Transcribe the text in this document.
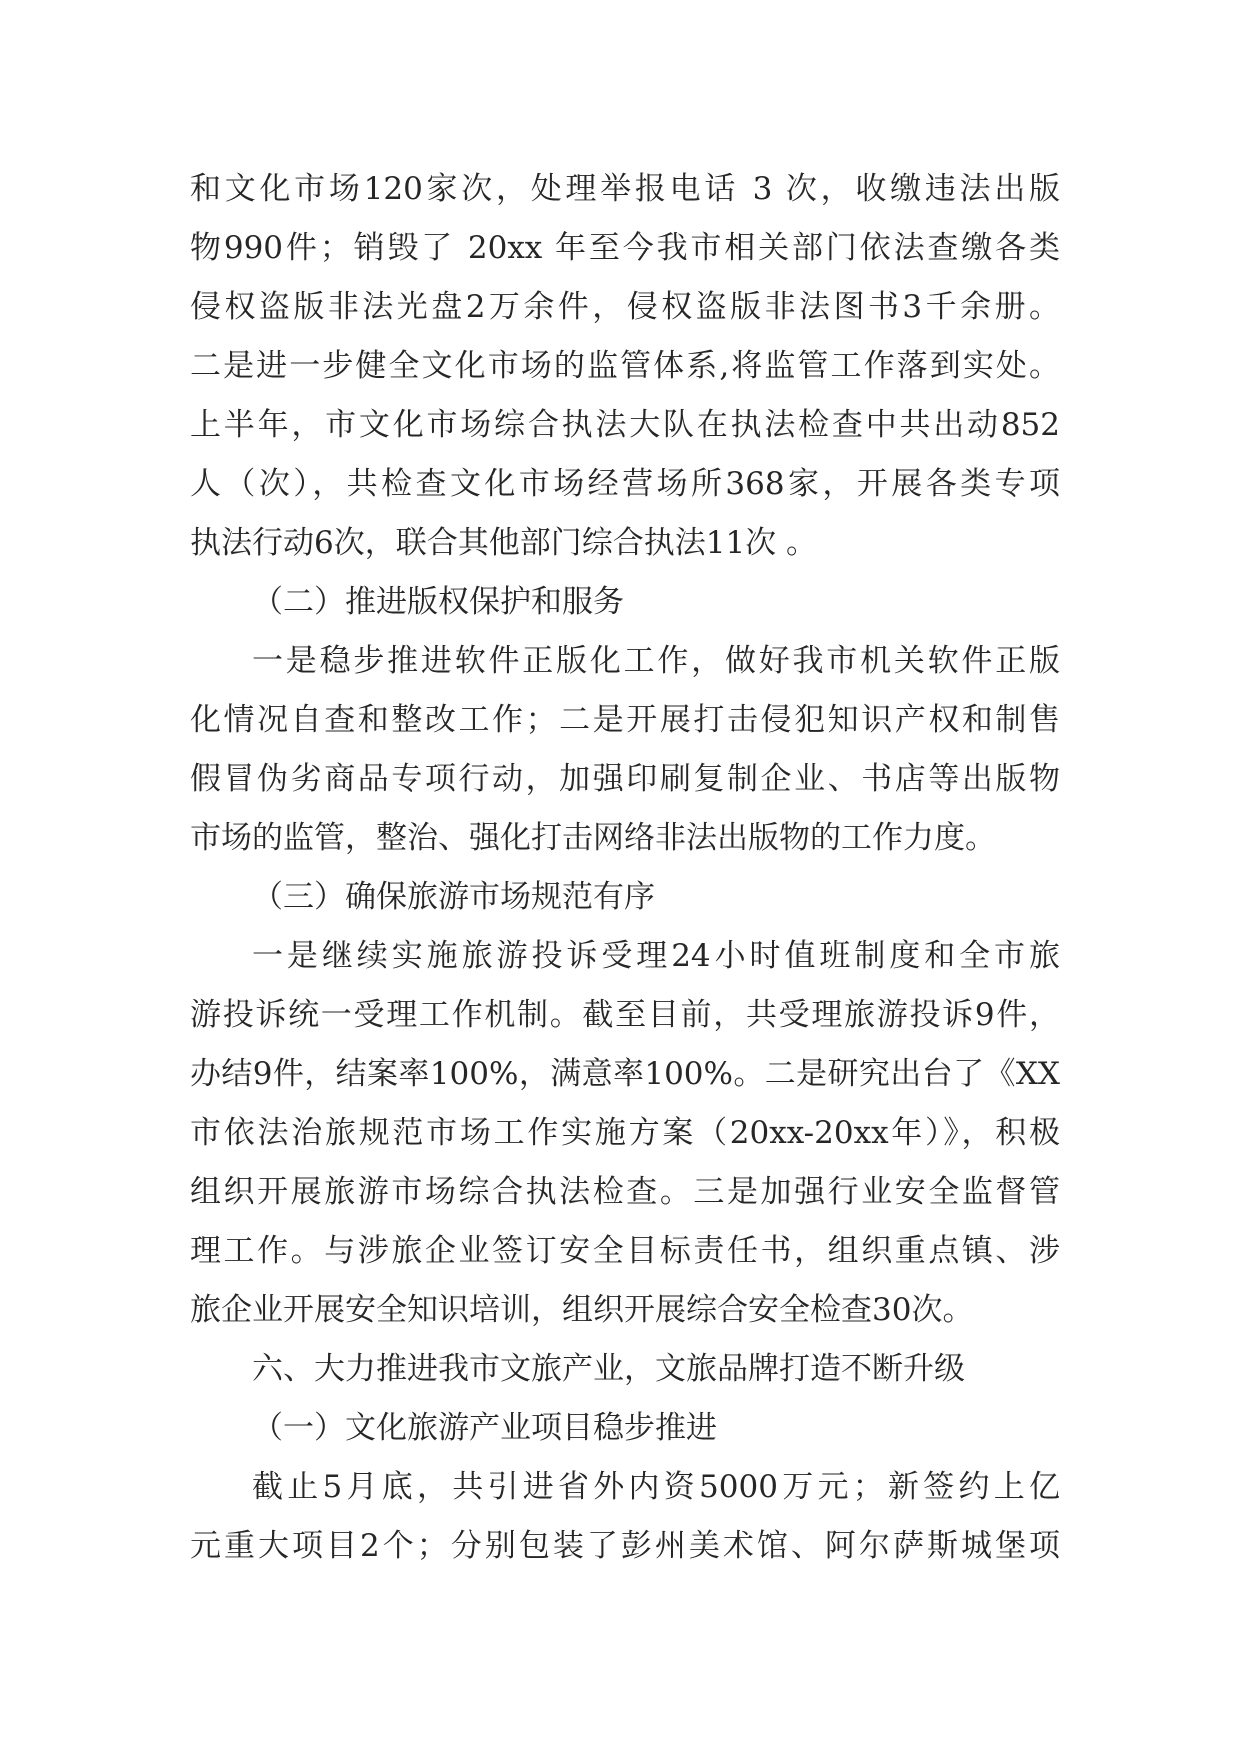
和文化市场120家次，处理举报电话 3 次，收缴违法出版
物990件；销毁了 20xx 年至今我市相关部门依法查缴各类
侵权盗版非法光盘2万余件，侵权盗版非法图书3千余册。
二是进一步健全文化市场的监管体系,将监管工作落到实处。
上半年，市文化市场综合执法大队在执法检查中共出动852
人（次），共检查文化市场经营场所368家，开展各类专项
执法行动6次，联合其他部门综合执法11次 。
（二）推进版权保护和服务
一是稳步推进软件正版化工作，做好我市机关软件正版
化情况自查和整改工作；二是开展打击侵犯知识产权和制售
假冒伪劣商品专项行动，加强印刷复制企业、书店等出版物
市场的监管，整治、强化打击网络非法出版物的工作力度。
（三）确保旅游市场规范有序
一是继续实施旅游投诉受理24小时值班制度和全市旅
游投诉统一受理工作机制。截至目前，共受理旅游投诉9件，
办结9件，结案率100%，满意率100%。二是研究出台了《XX
市依法治旅规范市场工作实施方案（20xx-20xx年）》，积极
组织开展旅游市场综合执法检查。三是加强行业安全监督管
理工作。与涉旅企业签订安全目标责任书，组织重点镇、涉
旅企业开展安全知识培训，组织开展综合安全检查30次。
六、大力推进我市文旅产业，文旅品牌打造不断升级
（一）文化旅游产业项目稳步推进
截止5月底，共引进省外内资5000万元；新签约上亿
元重大项目2个；分别包装了彭州美术馆、阿尔萨斯城堡项
